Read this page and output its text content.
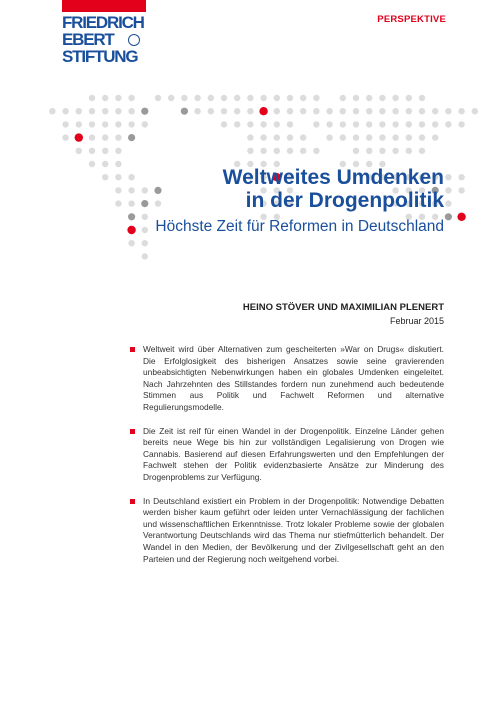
FRIEDRICH
EBERT
STIFTUNG
PERSPEKTIVE
Weltweites Umdenken
in der Drogenpolitik
Höchste Zeit für Reformen in Deutschland
HEINO STÖVER UND MAXIMILIAN PLENERT
Februar 2015
Weltweit wird über Alternativen zum gescheiterten »War on Drugs« diskutiert. Die Erfolglosigkeit des bisherigen Ansatzes sowie seine gravierenden unbeabsichtigten Nebenwirkungen haben ein globales Umdenken eingeleitet. Nach Jahrzehnten des Stillstandes fordern nun zunehmend auch bedeutende Stimmen aus Politik und Fachwelt Reformen und alternative Regulierungsmodelle.
Die Zeit ist reif für einen Wandel in der Drogenpolitik. Einzelne Länder gehen bereits neue Wege bis hin zur vollständigen Legalisierung von Drogen wie Cannabis. Basierend auf diesen Erfahrungswerten und den Empfehlungen der Fachwelt stehen der Politik evidenzbasierte Ansätze zur Minderung des Drogenproblems zur Verfügung.
In Deutschland existiert ein Problem in der Drogenpolitik: Notwendige Debatten werden bisher kaum geführt oder leiden unter Vernachlässigung der fachlichen und wissenschaftlichen Erkenntnisse. Trotz lokaler Probleme sowie der globalen Verantwortung Deutschlands wird das Thema nur stiefmütterlich behandelt. Der Wandel in den Medien, der Bevölkerung und der Zivilgesellschaft geht an den Parteien und der Regierung noch weitgehend vorbei.
